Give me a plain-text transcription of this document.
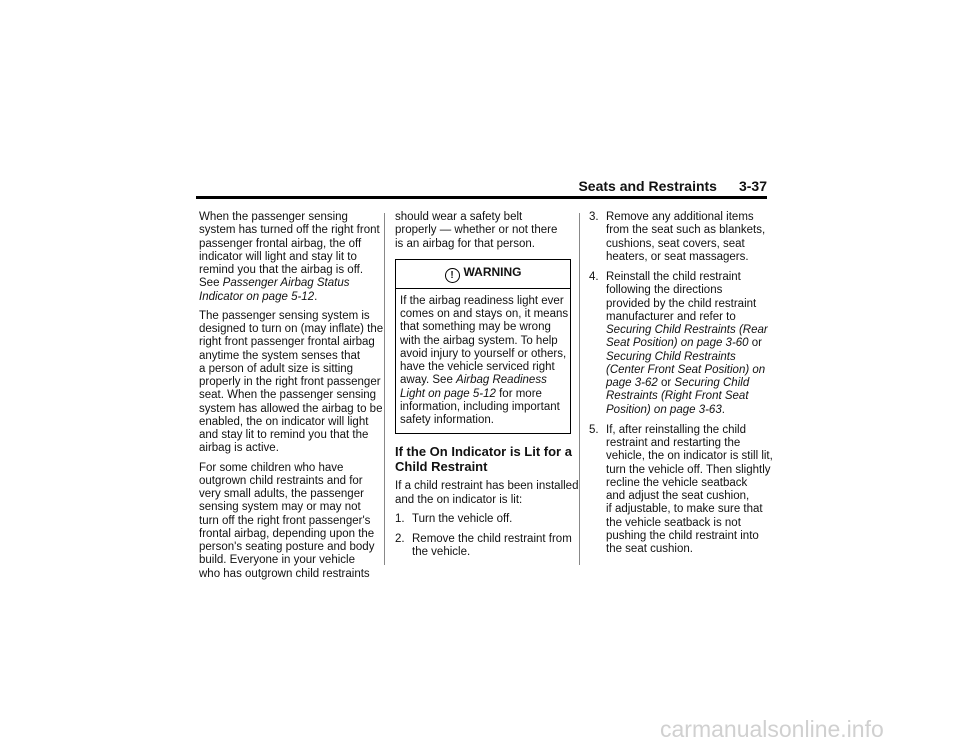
Seats and Restraints 3-37

When the passenger sensing
system has turned off the right front
passenger frontal airbag, the off
indicator will light and stay lit to
remind you that the airbag is off.
See Passenger Airbag Status
Indicator on page 5-12.

The passenger sensing system is
designed to turn on (may inflate) the
right front passenger frontal airbag
anytime the system senses that
a person of adult size is sitting
properly in the right front passenger
seat. When the passenger sensing
system has allowed the airbag to be
enabled, the on indicator will light
and stay lit to remind you that the
airbag is active.

For some children who have
outgrown child restraints and for
very small adults, the passenger
sensing system may or may not
turn off the right front passenger's
frontal airbag, depending upon the
person's seating posture and body
build. Everyone in your vehicle
who has outgrown child restraints

should wear a safety belt
properly — whether or not there
is an airbag for that person.

! WARNING
If the airbag readiness light ever
comes on and stays on, it means
that something may be wrong
with the airbag system. To help
avoid injury to yourself or others,
have the vehicle serviced right
away. See Airbag Readiness
Light on page 5-12 for more
information, including important
safety information.
If the On Indicator is Lit for a
Child Restraint

If a child restraint has been installed
and the on indicator is lit:

1. Turn the vehicle off.
2. Remove the child restraint from
the vehicle.
3. Remove any additional items
from the seat such as blankets,
cushions, seat covers, seat
heaters, or seat massagers.
4. Reinstall the child restraint
following the directions
provided by the child restraint
manufacturer and refer to
Securing Child Restraints (Rear
Seat Position) on page 3-60 or
Securing Child Restraints
(Center Front Seat Position) on
page 3-62 or Securing Child
Restraints (Right Front Seat
Position) on page 3-63.
5. If, after reinstalling the child
restraint and restarting the
vehicle, the on indicator is still lit,
turn the vehicle off. Then slightly
recline the vehicle seatback
and adjust the seat cushion,
if adjustable, to make sure that
the vehicle seatback is not
pushing the child restraint into
the seat cushion.
carmanualsonline.info
